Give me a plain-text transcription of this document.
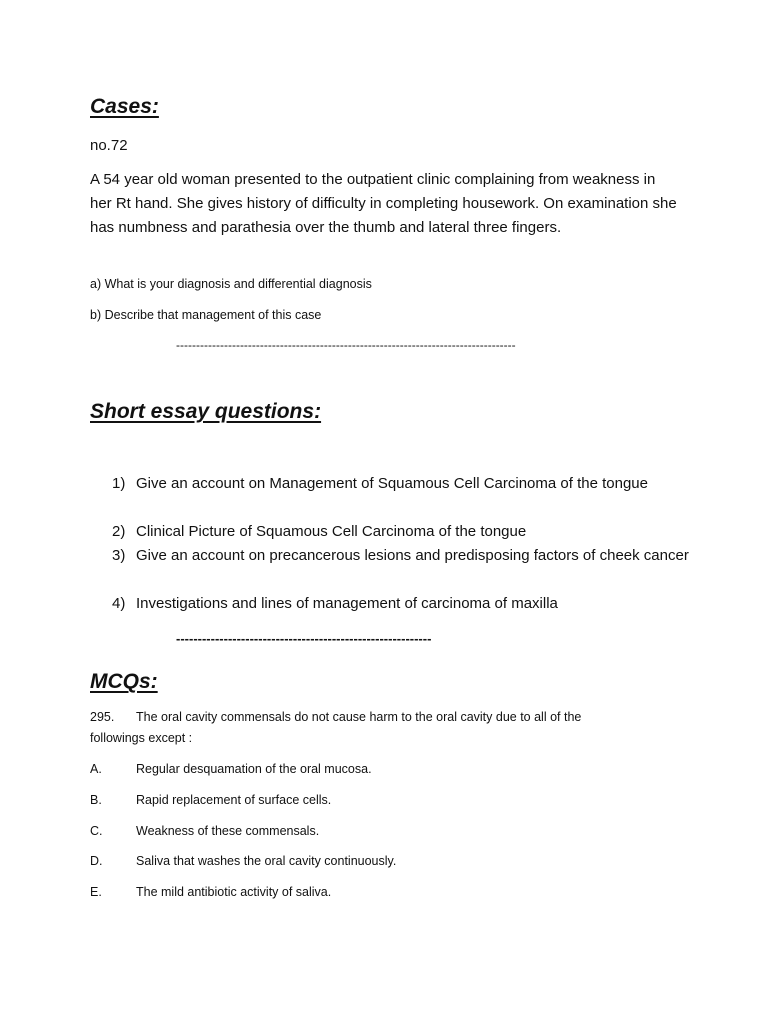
Cases:
no.72
A 54 year old woman presented to the outpatient clinic complaining from weakness in her Rt hand. She gives history of difficulty in completing housework. On examination she has numbness and parathesia over the thumb and lateral three fingers.
a) What is your diagnosis and differential diagnosis
b) Describe that management of this case
-------------------------------------------------------------------------------------
Short essay questions:
1) Give an account on Management of Squamous Cell Carcinoma of the tongue
2) Clinical Picture of Squamous Cell Carcinoma of the tongue
3) Give an account on precancerous lesions and predisposing factors of cheek cancer
4) Investigations and lines of management of carcinoma of maxilla
-----------------------------------------------------------
MCQs:
295. The oral cavity commensals do not cause harm to the oral cavity due to all of the
followings except :
A.	Regular desquamation of the oral mucosa.
B.	Rapid replacement of surface cells.
C.	Weakness of these commensals.
D.	Saliva that washes the oral cavity continuously.
E.	The mild antibiotic activity of saliva.
